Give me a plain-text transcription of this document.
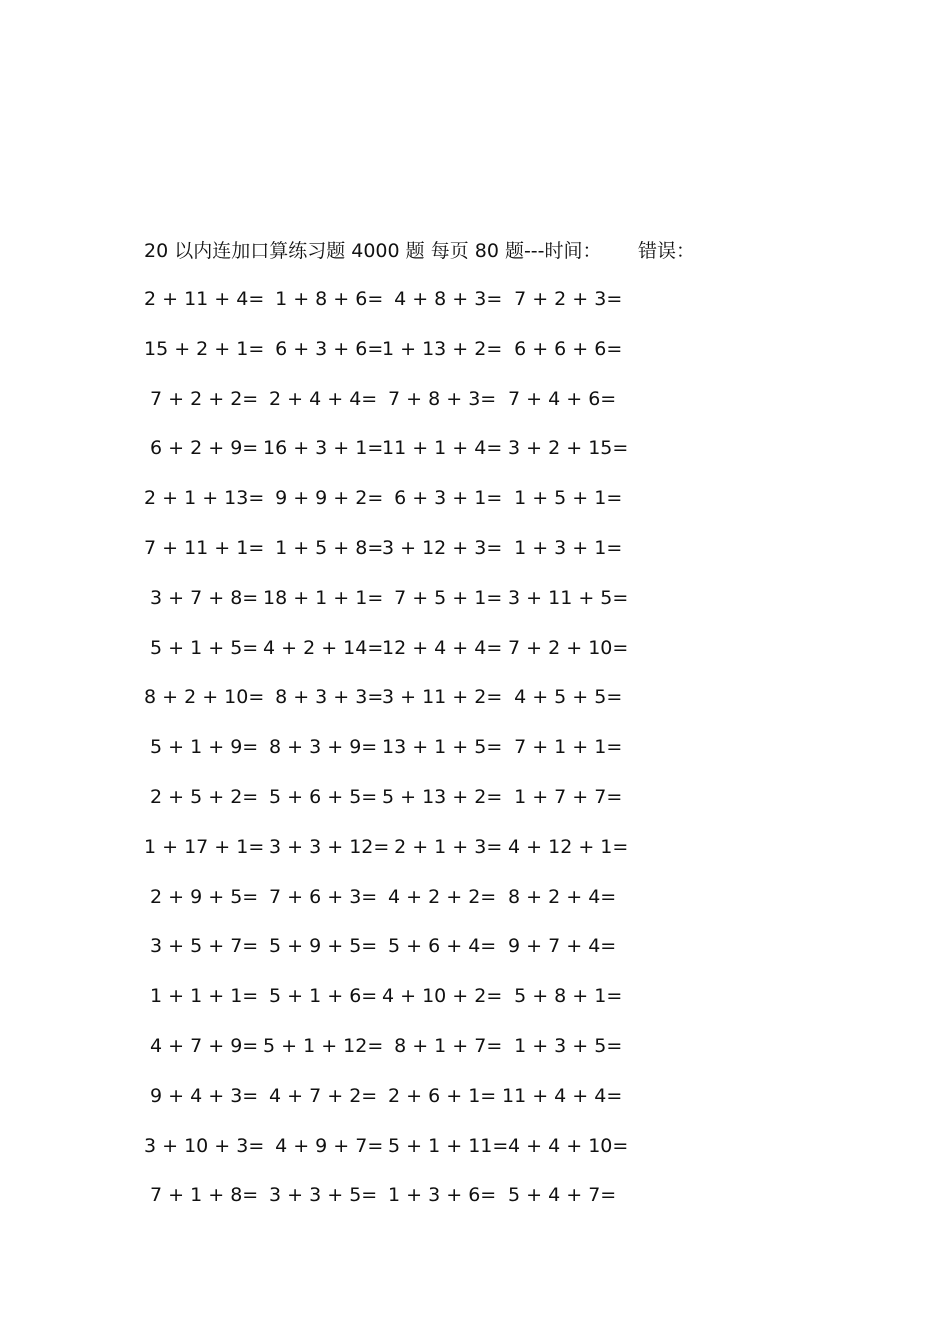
20 以内连加口算练习题 4000 题 每页 80 题---时间： 错误：
2 + 11 + 4=
1 + 8 + 6=
4 + 8 + 3= 7 + 2 + 3=
15 + 2 + 1=
6 + 3 + 6=
1 + 13 + 2= 6 + 6 + 6=
7 + 2 + 2= 2 + 4 + 4= 7 + 8 + 3= 7 + 4 + 6=
6 + 2 + 9= 16 + 3 + 1=
11 + 1 + 4= 3 + 2 + 15=
2 + 1 + 13=
9 + 9 + 2=
6 + 3 + 1= 1 + 5 + 1=
7 + 11 + 1=
1 + 5 + 8=
3 + 12 + 3= 1 + 3 + 1=
3 + 7 + 8= 18 + 1 + 1=
7 + 5 + 1= 3 + 11 + 5=
5 + 1 + 5= 4 + 2 + 14=
12 + 4 + 4= 7 + 2 + 10=
8 + 2 + 10=
8 + 3 + 3=
3 + 11 + 2= 4 + 5 + 5=
5 + 1 + 9= 8 + 3 + 9= 13 + 1 + 5= 7 + 1 + 1=
2 + 5 + 2= 5 + 6 + 5= 5 + 13 + 2= 1 + 7 + 7=
1 + 17 + 1=
3 + 3 + 12=
2 + 1 + 3= 4 + 12 + 1=
2 + 9 + 5= 7 + 6 + 3= 4 + 2 + 2= 8 + 2 + 4=
3 + 5 + 7= 5 + 9 + 5= 5 + 6 + 4= 9 + 7 + 4=
1 + 1 + 1= 5 + 1 + 6= 4 + 10 + 2= 5 + 8 + 1=
4 + 7 + 9= 5 + 1 + 12=
8 + 1 + 7= 1 + 3 + 5=
9 + 4 + 3= 4 + 7 + 2= 2 + 6 + 1= 11 + 4 + 4=
3 + 10 + 3=
4 + 9 + 7=
5 + 1 + 11=
4 + 4 + 10=
7 + 1 + 8= 3 + 3 + 5= 1 + 3 + 6= 5 + 4 + 7=
